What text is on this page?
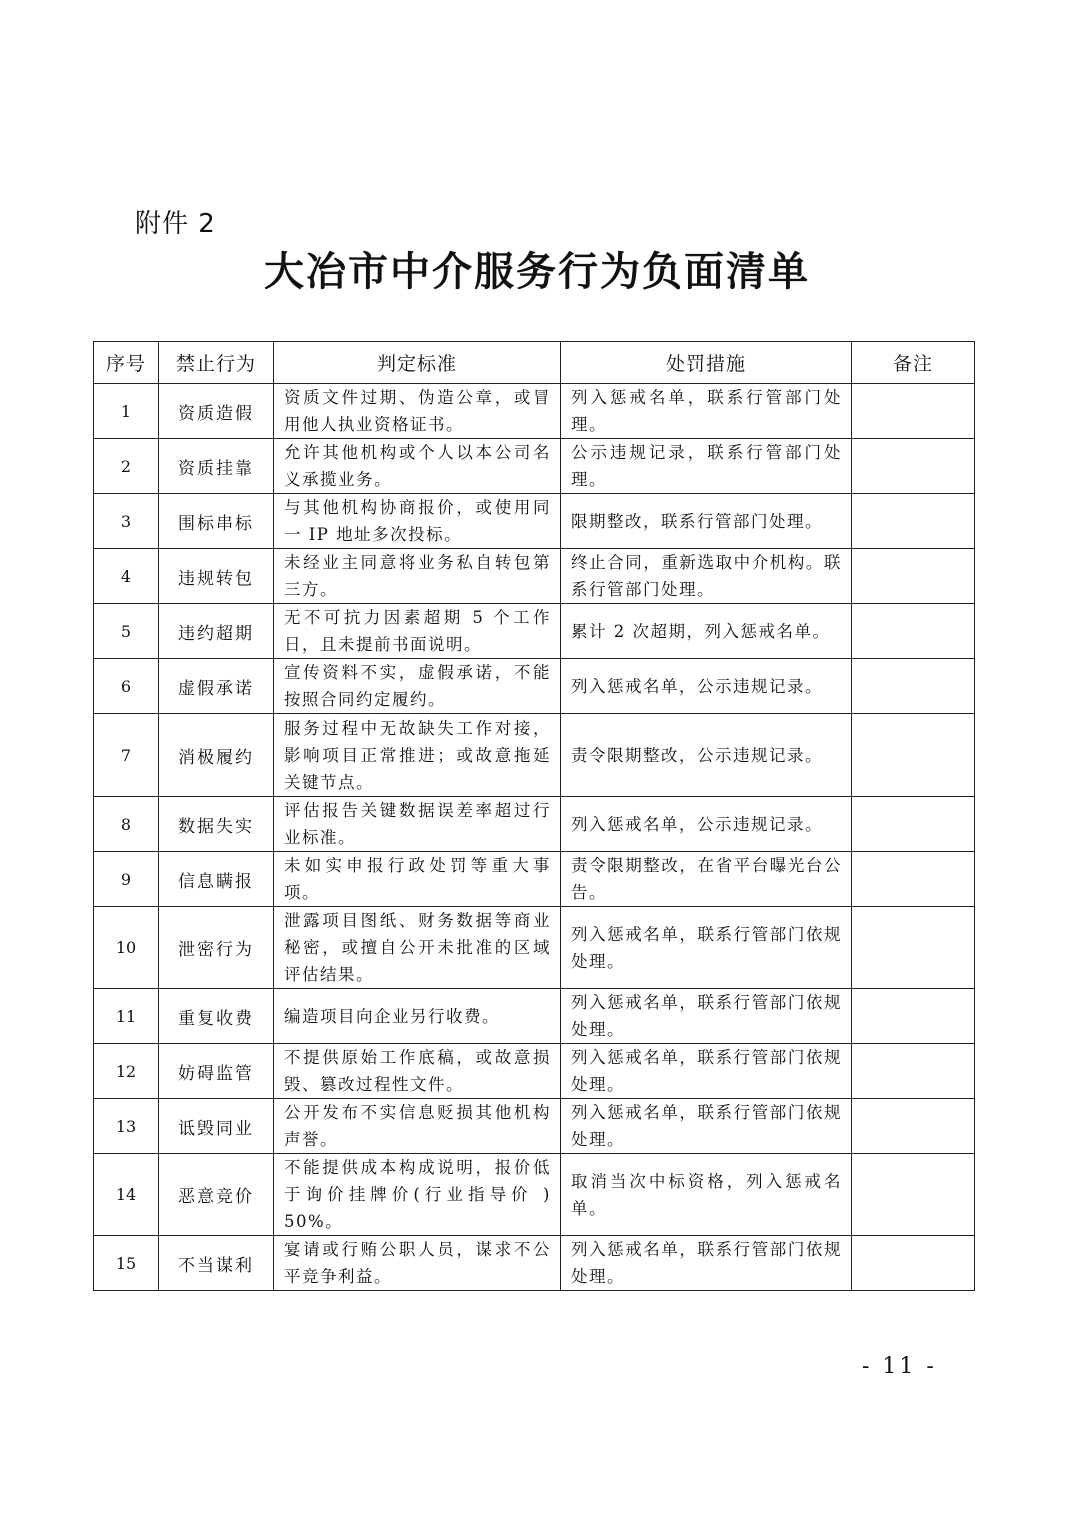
附件 2
大冶市中介服务行为负面清单
序号	禁止行为	判定标准	处罚措施	备注
1	资质造假	资质文件过期、伪造公章，或冒用他人执业资格证书。	列入惩戒名单，联系行管部门处理。	
2	资质挂靠	允许其他机构或个人以本公司名义承揽业务。	公示违规记录，联系行管部门处理。	
3	围标串标	与其他机构协商报价，或使用同一 IP 地址多次投标。	限期整改，联系行管部门处理。	
4	违规转包	未经业主同意将业务私自转包第三方。	终止合同，重新选取中介机构。联系行管部门处理。	
5	违约超期	无不可抗力因素超期 5 个工作日，且未提前书面说明。	累计 2 次超期，列入惩戒名单。	
6	虚假承诺	宣传资料不实，虚假承诺，不能按照合同约定履约。	列入惩戒名单，公示违规记录。	
7	消极履约	服务过程中无故缺失工作对接，影响项目正常推进；或故意拖延关键节点。	责令限期整改，公示违规记录。	
8	数据失实	评估报告关键数据误差率超过行业标准。	列入惩戒名单，公示违规记录。	
9	信息瞒报	未如实申报行政处罚等重大事项。	责令限期整改，在省平台曝光台公告。	
10	泄密行为	泄露项目图纸、财务数据等商业秘密，或擅自公开未批准的区域评估结果。	列入惩戒名单，联系行管部门依规处理。	
11	重复收费	编造项目向企业另行收费。	列入惩戒名单，联系行管部门依规处理。	
12	妨碍监管	不提供原始工作底稿，或故意损毁、篡改过程性文件。	列入惩戒名单，联系行管部门依规处理。	
13	诋毁同业	公开发布不实信息贬损其他机构声誉。	列入惩戒名单，联系行管部门依规处理。	
14	恶意竞价	不能提供成本构成说明，报价低于询价挂牌价(行业指导价 ) 50%。	取消当次中标资格，列入惩戒名单。	
15	不当谋利	宴请或行贿公职人员，谋求不公平竞争利益。	列入惩戒名单，联系行管部门依规处理。	
- 11 -
